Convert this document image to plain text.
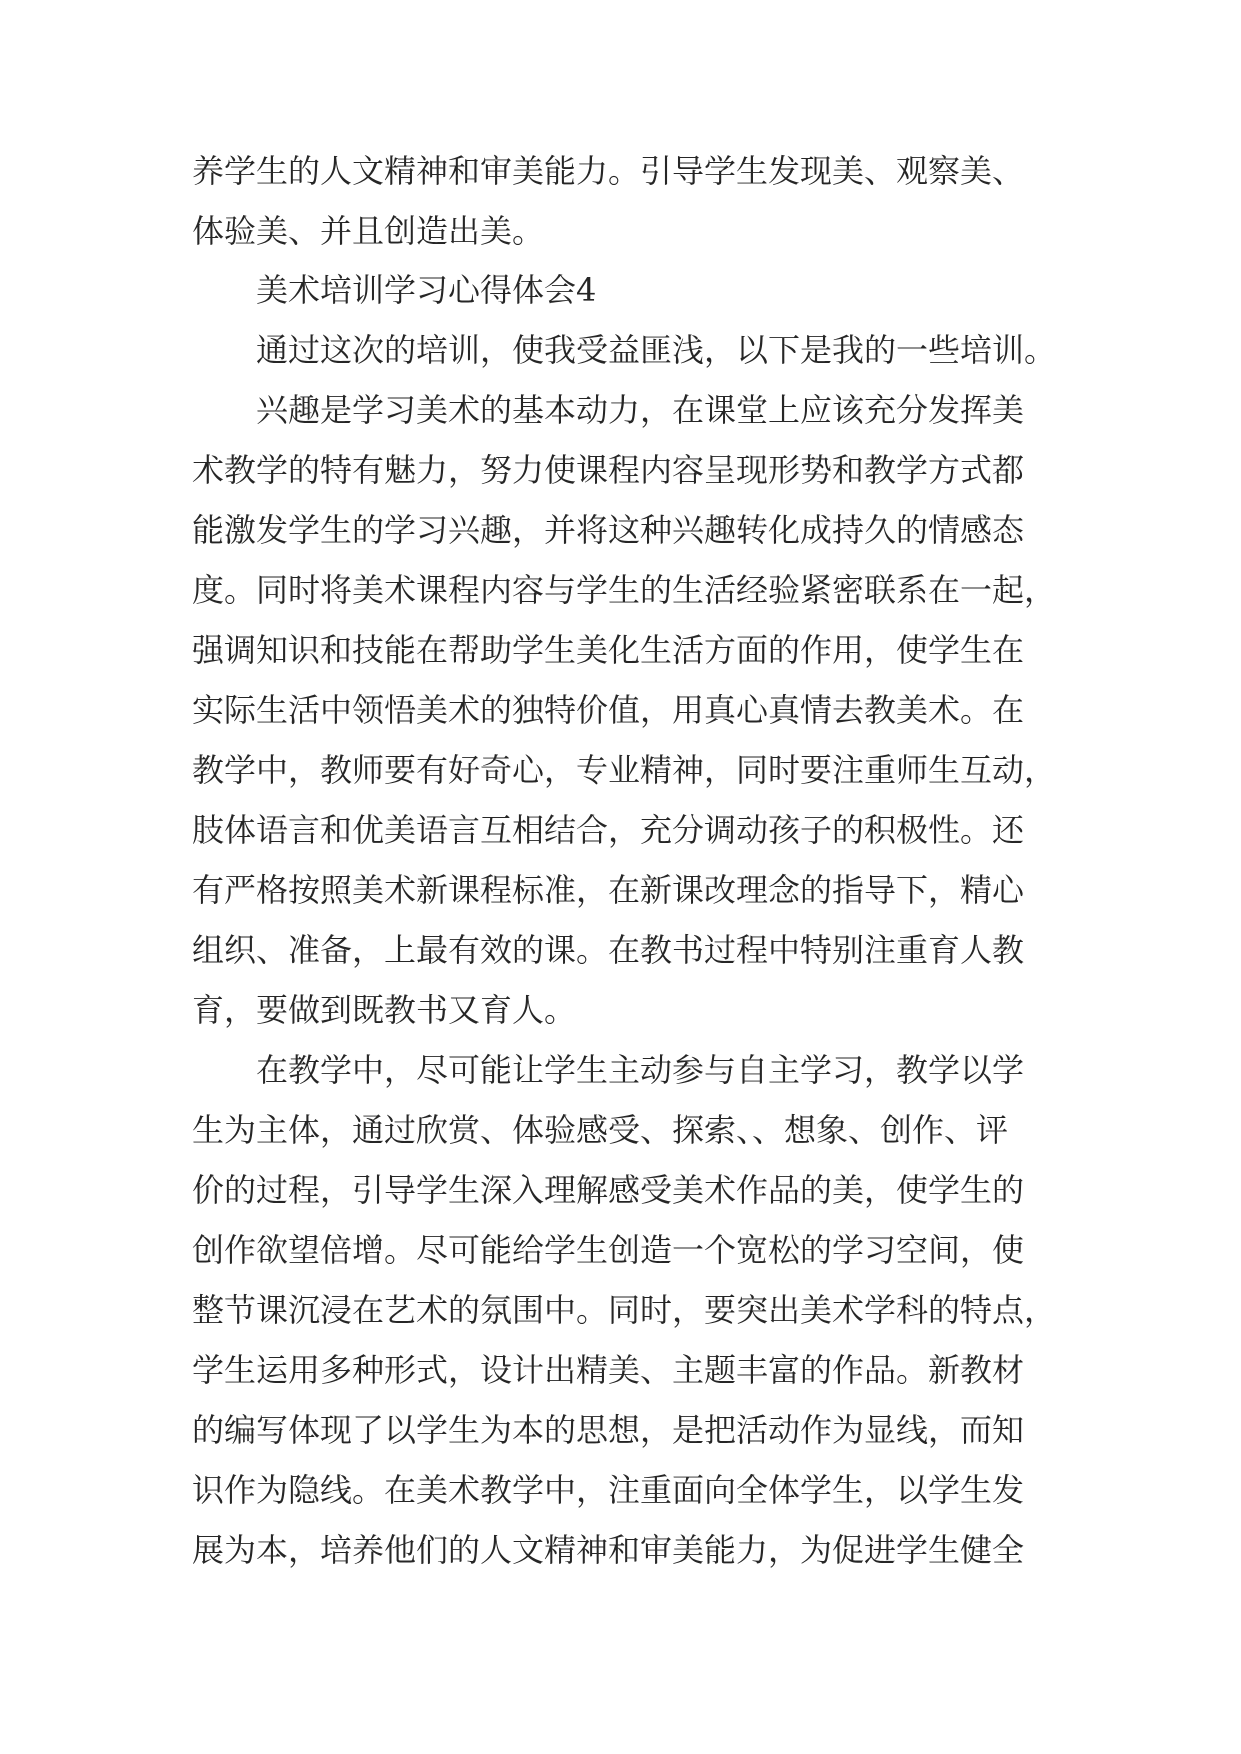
养学生的人文精神和审美能力。引导学生发现美、观察美、

体验美、并且创造出美。

美术培训学习心得体会4

通过这次的培训，使我受益匪浅，以下是我的一些培训。

兴趣是学习美术的基本动力，在课堂上应该充分发挥美

术教学的特有魅力，努力使课程内容呈现形势和教学方式都

能激发学生的学习兴趣，并将这种兴趣转化成持久的情感态

度。同时将美术课程内容与学生的生活经验紧密联系在一起，

强调知识和技能在帮助学生美化生活方面的作用，使学生在

实际生活中领悟美术的独特价值，用真心真情去教美术。在

教学中，教师要有好奇心，专业精神，同时要注重师生互动，

肢体语言和优美语言互相结合，充分调动孩子的积极性。还

有严格按照美术新课程标准，在新课改理念的指导下，精心

组织、准备，上最有效的课。在教书过程中特别注重育人教

育，要做到既教书又育人。

在教学中，尽可能让学生主动参与自主学习，教学以学

生为主体，通过欣赏、体验感受、探索、、想象、创作、评

价的过程，引导学生深入理解感受美术作品的美，使学生的

创作欲望倍增。尽可能给学生创造一个宽松的学习空间，使

整节课沉浸在艺术的氛围中。同时，要突出美术学科的特点，

学生运用多种形式，设计出精美、主题丰富的作品。新教材

的编写体现了以学生为本的思想，是把活动作为显线，而知

识作为隐线。在美术教学中，注重面向全体学生，以学生发

展为本，培养他们的人文精神和审美能力，为促进学生健全
